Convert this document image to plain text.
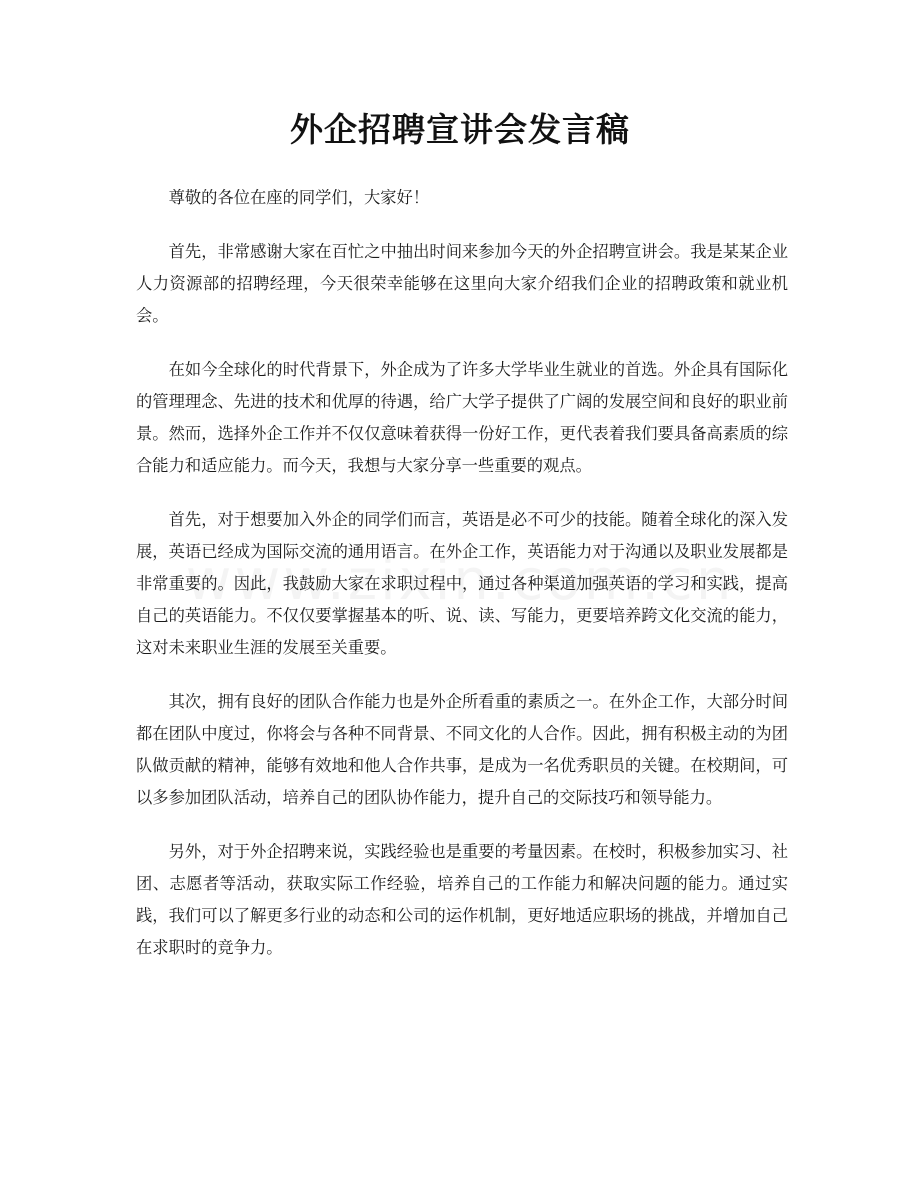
外企招聘宣讲会发言稿

尊敬的各位在座的同学们，大家好！

首先，非常感谢大家在百忙之中抽出时间来参加今天的外企招聘宣讲会。我是某某企业人力资源部的招聘经理，今天很荣幸能够在这里向大家介绍我们企业的招聘政策和就业机会。

在如今全球化的时代背景下，外企成为了许多大学毕业生就业的首选。外企具有国际化的管理理念、先进的技术和优厚的待遇，给广大学子提供了广阔的发展空间和良好的职业前景。然而，选择外企工作并不仅仅意味着获得一份好工作，更代表着我们要具备高素质的综合能力和适应能力。而今天，我想与大家分享一些重要的观点。

首先，对于想要加入外企的同学们而言，英语是必不可少的技能。随着全球化的深入发展，英语已经成为国际交流的通用语言。在外企工作，英语能力对于沟通以及职业发展都是非常重要的。因此，我鼓励大家在求职过程中，通过各种渠道加强英语的学习和实践，提高自己的英语能力。不仅仅要掌握基本的听、说、读、写能力，更要培养跨文化交流的能力，这对未来职业生涯的发展至关重要。

其次，拥有良好的团队合作能力也是外企所看重的素质之一。在外企工作，大部分时间都在团队中度过，你将会与各种不同背景、不同文化的人合作。因此，拥有积极主动的为团队做贡献的精神，能够有效地和他人合作共事，是成为一名优秀职员的关键。在校期间，可以多参加团队活动，培养自己的团队协作能力，提升自己的交际技巧和领导能力。

另外，对于外企招聘来说，实践经验也是重要的考量因素。在校时，积极参加实习、社团、志愿者等活动，获取实际工作经验，培养自己的工作能力和解决问题的能力。通过实践，我们可以了解更多行业的动态和公司的运作机制，更好地适应职场的挑战，并增加自己在求职时的竞争力。
